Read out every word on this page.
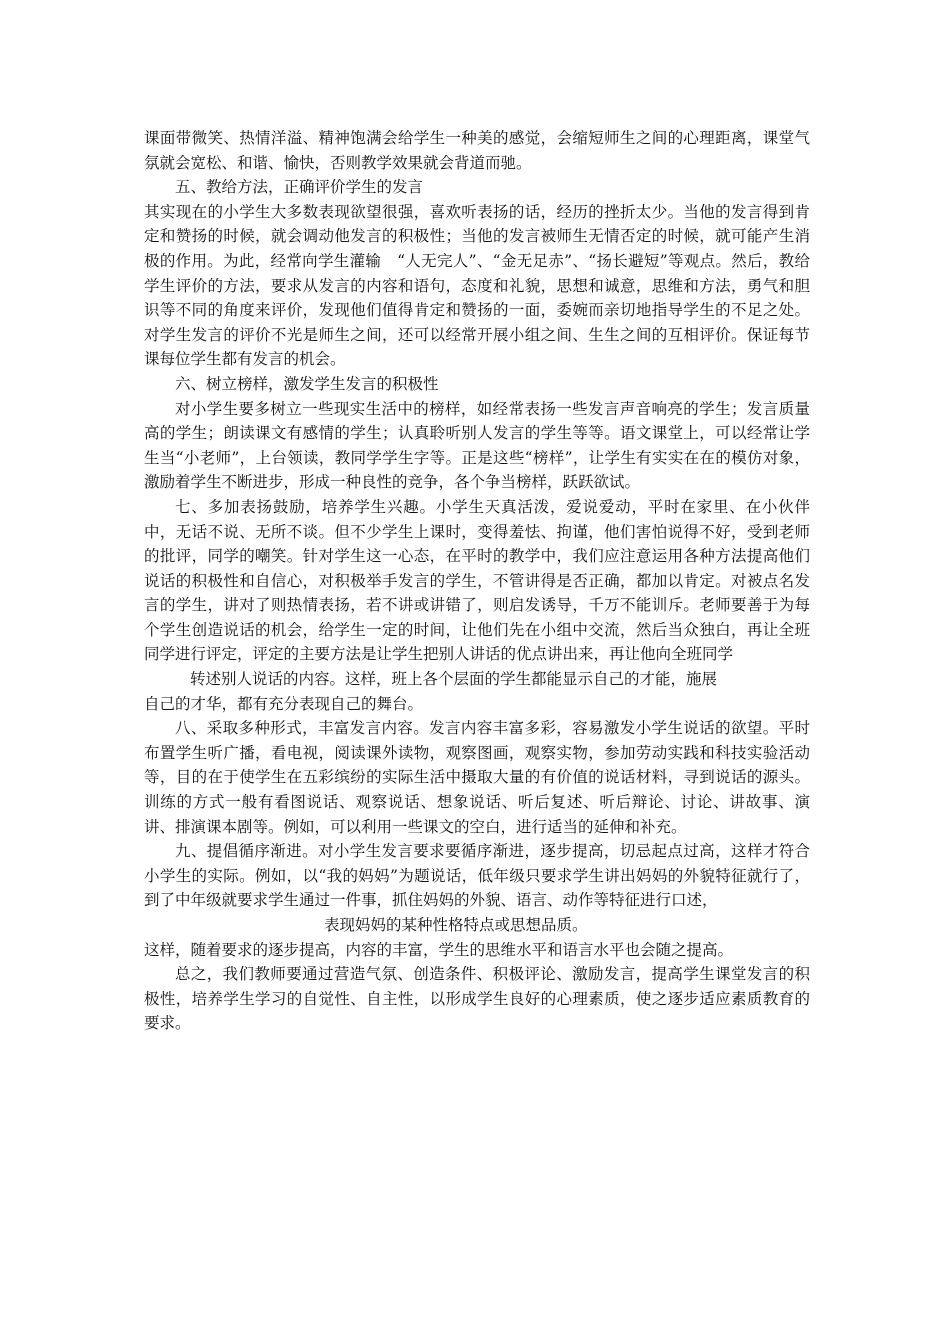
课面带微笑、热情洋溢、精神饱满会给学生一种美的感觉，会缩短师生之间的心理距离，课堂气氛就会宽松、和谐、愉快，否则教学效果就会背道而驰。

五、教给方法，正确评价学生的发言

其实现在的小学生大多数表现欲望很强，喜欢听表扬的话，经历的挫折太少。当他的发言得到肯定和赞扬的时候，就会调动他发言的积极性；当他的发言被师生无情否定的时候，就可能产生消极的作用。为此，经常向学生灌输　“人无完人”、“金无足赤”、“扬长避短”等观点。然后，教给学生评价的方法，要求从发言的内容和语句，态度和礼貌，思想和诚意，思维和方法，勇气和胆识等不同的角度来评价，发现他们值得肯定和赞扬的一面，委婉而亲切地指导学生的不足之处。对学生发言的评价不光是师生之间，还可以经常开展小组之间、生生之间的互相评价。保证每节课每位学生都有发言的机会。

六、树立榜样，激发学生发言的积极性

对小学生要多树立一些现实生活中的榜样，如经常表扬一些发言声音响亮的学生；发言质量高的学生；朗读课文有感情的学生；认真聆听别人发言的学生等等。语文课堂上，可以经常让学生当“小老师”，上台领读，教同学学生字等。正是这些“榜样”，让学生有实实在在的模仿对象，激励着学生不断进步，形成一种良性的竞争，各个争当榜样，跃跃欲试。

七、多加表扬鼓励，培养学生兴趣。小学生天真活泼，爱说爱动，平时在家里、在小伙伴中，无话不说、无所不谈。但不少学生上课时，变得羞怯、拘谨，他们害怕说得不好，受到老师的批评，同学的嘲笑。针对学生这一心态，在平时的教学中，我们应注意运用各种方法提高他们说话的积极性和自信心，对积极举手发言的学生，不管讲得是否正确，都加以肯定。对被点名发言的学生，讲对了则热情表扬，若不讲或讲错了，则启发诱导，千万不能训斥。老师要善于为每个学生创造说话的机会，给学生一定的时间，让他们先在小组中交流，然后当众独白，再让全班同学进行评定，评定的主要方法是让学生把别人讲话的优点讲出来，再让他向全班同学

转述别人说话的内容。这样，班上各个层面的学生都能显示自己的才能，施展

自己的才华，都有充分表现自己的舞台。

八、采取多种形式，丰富发言内容。发言内容丰富多彩，容易激发小学生说话的欲望。平时布置学生听广播，看电视，阅读课外读物，观察图画，观察实物，参加劳动实践和科技实验活动等，目的在于使学生在五彩缤纷的实际生活中摄取大量的有价值的说话材料，寻到说话的源头。训练的方式一般有看图说话、观察说话、想象说话、听后复述、听后辩论、讨论、讲故事、演讲、排演课本剧等。例如，可以利用一些课文的空白，进行适当的延伸和补充。

九、提倡循序渐进。对小学生发言要求要循序渐进，逐步提高，切忌起点过高，这样才符合小学生的实际。例如，以“我的妈妈”为题说话，低年级只要求学生讲出妈妈的外貌特征就行了，到了中年级就要求学生通过一件事，抓住妈妈的外貌、语言、动作等特征进行口述，

表现妈妈的某种性格特点或思想品质。

这样，随着要求的逐步提高，内容的丰富，学生的思维水平和语言水平也会随之提高。

总之，我们教师要通过营造气氛、创造条件、积极评论、激励发言，提高学生课堂发言的积极性，培养学生学习的自觉性、自主性，以形成学生良好的心理素质，使之逐步适应素质教育的要求。
